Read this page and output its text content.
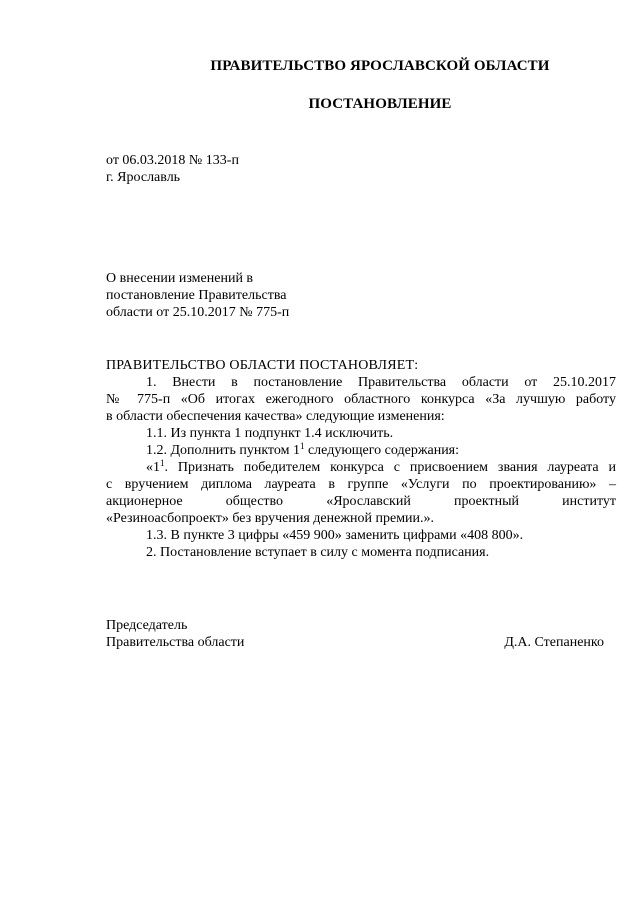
ПРАВИТЕЛЬСТВО ЯРОСЛАВСКОЙ ОБЛАСТИ
ПОСТАНОВЛЕНИЕ
от 06.03.2018 № 133-п
г. Ярославль
О внесении изменений в
постановление Правительства
области от 25.10.2017 № 775-п
ПРАВИТЕЛЬСТВО ОБЛАСТИ ПОСТАНОВЛЯЕТ:

1. Внести в постановление Правительства области от 25.10.2017
№ 775-п «Об итогах ежегодного областного конкурса «За лучшую работу
в области обеспечения качества» следующие изменения:

1.1. Из пункта 1 подпункт 1.4 исключить.

1.2. Дополнить пунктом $1^1$ следующего содержания:

«$1^1$. Признать победителем конкурса с присвоением звания лауреата и
с вручением диплома лауреата в группе «Услуги по проектированию» –
акционерное общество «Ярославский проектный институт
«Резиноасбопроект» без вручения денежной премии.».

1.3. В пункте 3 цифры «459 900» заменить цифрами «408 800».

2. Постановление вступает в силу с момента подписания.

Председатель
Правительства области	Д.А. Степаненко
